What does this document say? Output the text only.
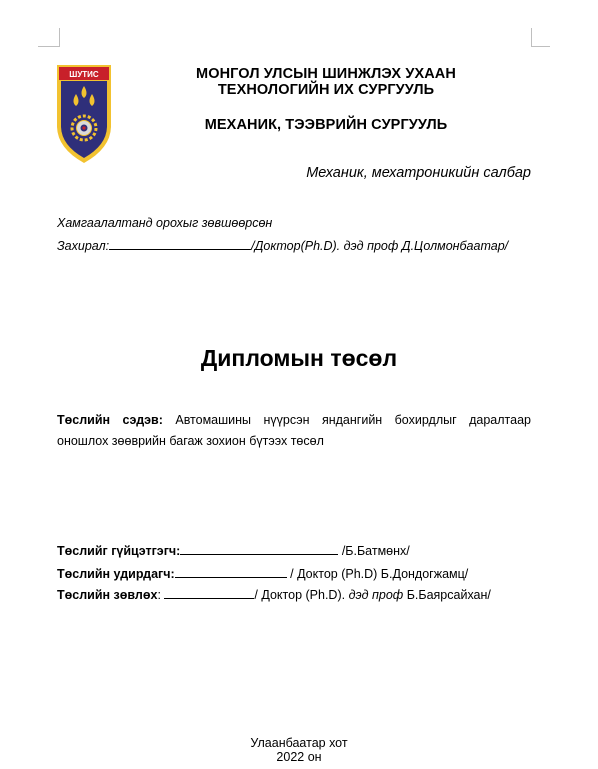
ШУТИС	МОНГОЛ УЛСЫН ШИНЖЛЭХ УХААН
ТЕХНОЛОГИЙН ИХ СУРГУУЛЬ
МЕХАНИК, ТЭЭВРИЙН СУРГУУЛЬ
Механик, мехатроникийн салбар
Хамгаалалтанд орохыг зөвшөөрсөн
Захирал:	/Доктор(Ph.D). дэд проф Д.Цолмонбаатар/
Дипломын төсөл
Төслийн сэдэв: Автомашины нүүрсэн яндангийн бохирдлыг даралтаар оношлох зөөврийн багаж зохион бүтээх төсөл
Төслийг гүйцэтгэгч:	/Б.Батмөнх/
Төслийн удирдагч:	/ Доктор (Ph.D) Б.Дондогжамц/
Төслийн зөвлөх:	/ Доктор (Ph.D). дэд проф Б.Баярсайхан/
Улаанбаатар хот
2022 он
